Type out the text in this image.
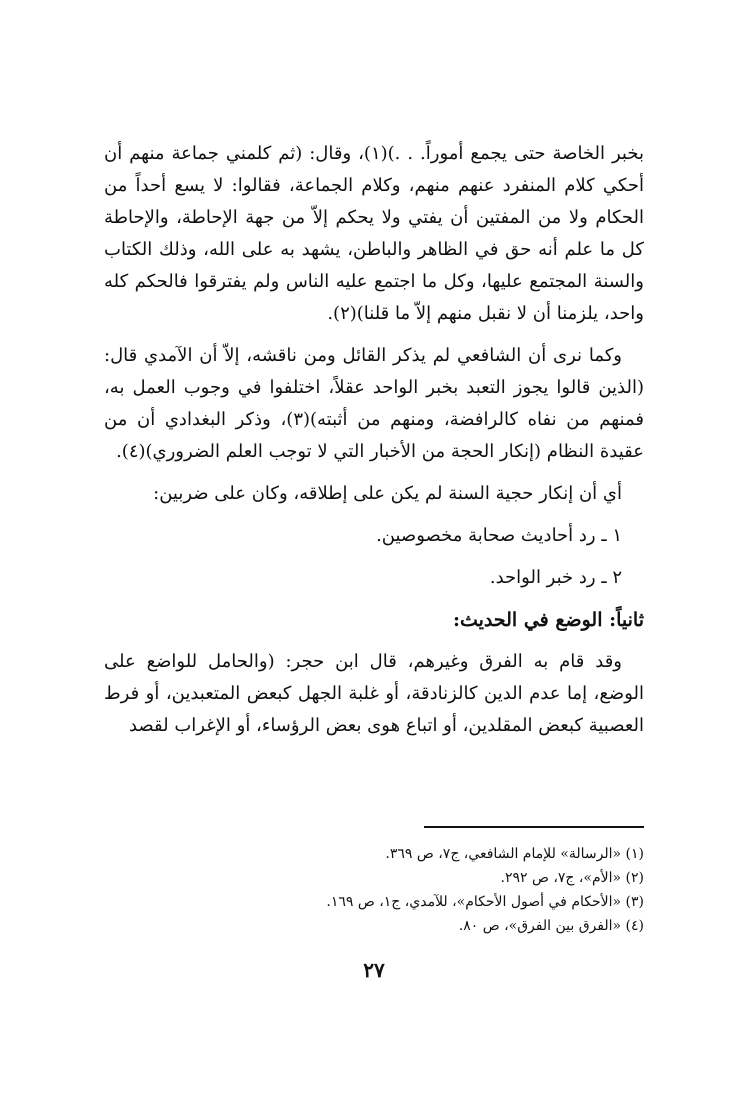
بخبر الخاصة حتى يجمع أموراً. . .)(١)، وقال: (ثم كلمني جماعة منهم أن أحكي كلام المنفرد عنهم منهم، وكلام الجماعة، فقالوا: لا يسع أحداً من الحكام ولا من المفتين أن يفتي ولا يحكم إلاّ من جهة الإحاطة، والإحاطة كل ما علم أنه حق في الظاهر والباطن، يشهد به على الله، وذلك الكتاب والسنة المجتمع عليها، وكل ما اجتمع عليه الناس ولم يفترقوا فالحكم كله واحد، يلزمنا أن لا نقبل منهم إلاّ ما قلنا)(٢).

وكما نرى أن الشافعي لم يذكر القائل ومن ناقشه، إلاّ أن الآمدي قال: (الذين قالوا يجوز التعبد بخبر الواحد عقلاً، اختلفوا في وجوب العمل به، فمنهم من نفاه كالرافضة، ومنهم من أثبته)(٣)، وذكر البغدادي أن من عقيدة النظام (إنكار الحجة من الأخبار التي لا توجب العلم الضروري)(٤).

أي أن إنكار حجية السنة لم يكن على إطلاقه، وكان على ضربين:

١ ـ رد أحاديث صحابة مخصوصين.
٢ ـ رد خبر الواحد.
ثانياً: الوضع في الحديث:

وقد قام به الفرق وغيرهم، قال ابن حجر: (والحامل للواضع على الوضع، إما عدم الدين كالزنادقة، أو غلبة الجهل كبعض المتعبدين، أو فرط العصبية كبعض المقلدين، أو اتباع هوى بعض الرؤساء، أو الإغراب لقصد

(١) «الرسالة» للإمام الشافعي، ج٧، ص ٣٦٩.
(٢) «الأم»، ج٧، ص ٢٩٢.
(٣) «الأحكام في أصول الأحكام»، للآمدي، ج١، ص ١٦٩.
(٤) «الفرق بين الفرق»، ص ٨٠.
٢٧
